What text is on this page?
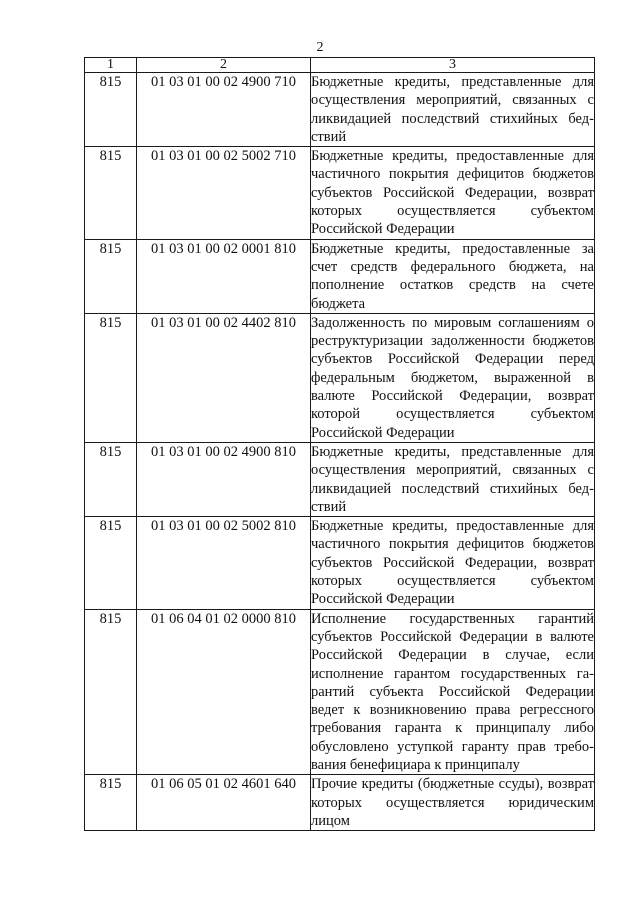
2
1	2	3
815	01 03 01 00 02 4900 710	Бюджетные кредиты, представленные для осуществления мероприятий, связанных с ликвидацией последствий стихийных бедствий
815	01 03 01 00 02 5002 710	Бюджетные кредиты, предоставленные для частичного покрытия дефицитов бюджетов субъектов Российской Федерации, возврат которых осуществляется субъектом Российской Федерации
815	01 03 01 00 02 0001 810	Бюджетные кредиты, предоставленные за счет средств федерального бюджета, на пополнение остатков средств на счете бюджета
815	01 03 01 00 02 4402 810	Задолженность по мировым соглашениям о реструктуризации задолженности бюджетов субъектов Российской Федерации перед федеральным бюджетом, выраженной в валюте Российской Федерации, возврат которой осуществляется субъектом Российской Федерации
815	01 03 01 00 02 4900 810	Бюджетные кредиты, представленные для осуществления мероприятий, связанных с ликвидацией последствий стихийных бедствий
815	01 03 01 00 02 5002 810	Бюджетные кредиты, предоставленные для частичного покрытия дефицитов бюджетов субъектов Российской Федерации, возврат которых осуществляется субъектом Российской Федерации
815	01 06 04 01 02 0000 810	Исполнение государственных гарантий субъектов Российской Федерации в валюте Российской Федерации в случае, если исполнение гарантом государственных гарантий субъекта Российской Федерации ведет к возникновению права регрессного требования гаранта к принципалу либо обусловлено уступкой гаранту прав требования бенефициара к принципалу
815	01 06 05 01 02 4601 640	Прочие кредиты (бюджетные ссуды), возврат которых осуществляется юридическим лицом
